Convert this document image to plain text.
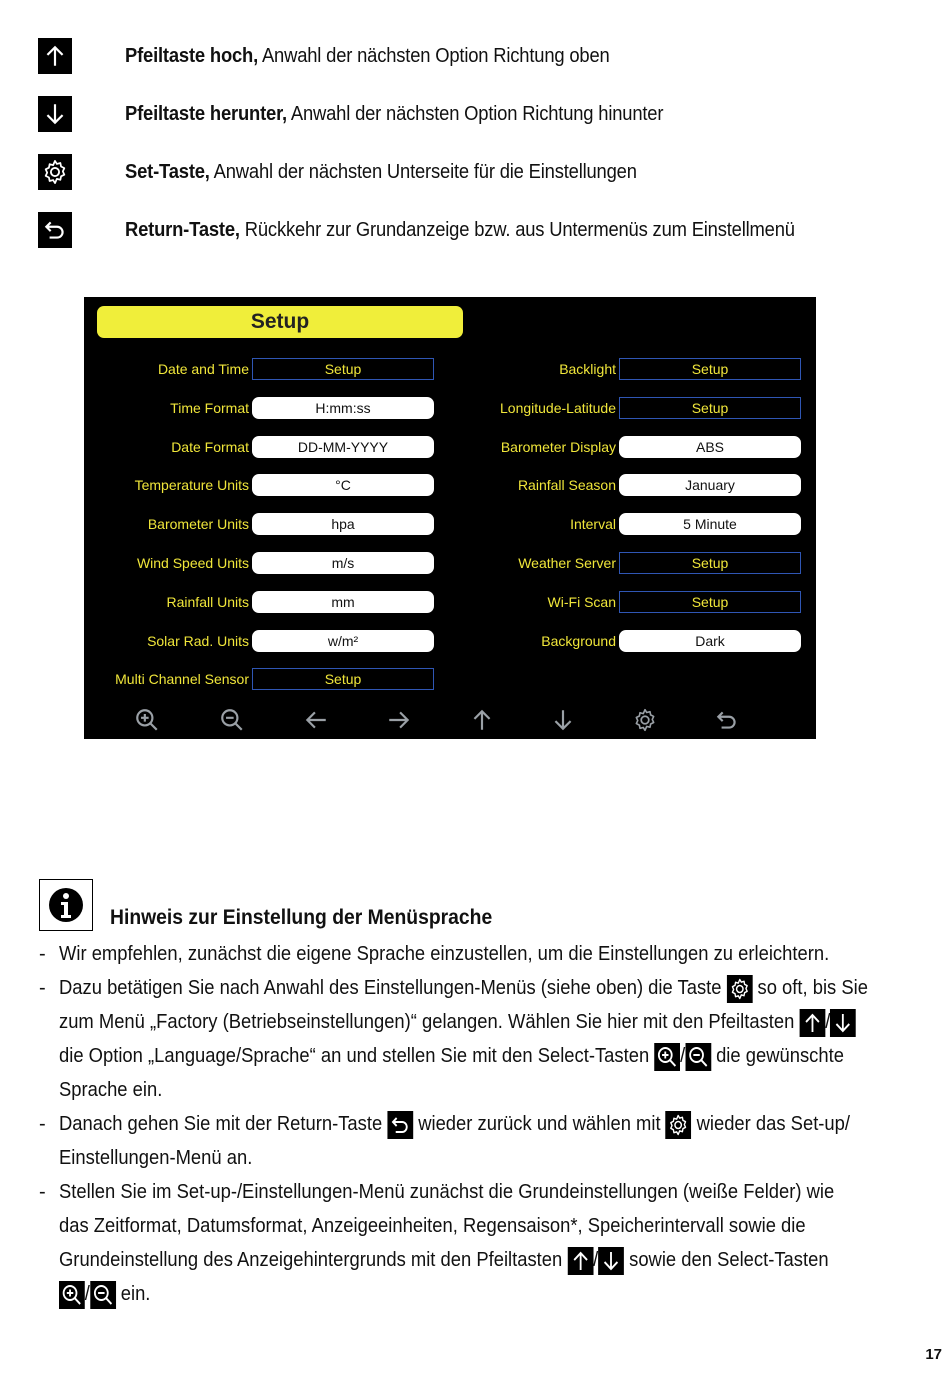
Pfeiltaste hoch, Anwahl der nächsten Option Richtung oben
Pfeiltaste herunter, Anwahl der nächsten Option Richtung hinunter
Set-Taste, Anwahl der nächsten Unterseite für die Einstellungen
Return-Taste, Rückkehr zur Grundanzeige bzw. aus Untermenüs zum Einstellmenü
Setup
Date and Time	Setup
Time Format	H:mm:ss
Date Format	DD-MM-YYYY
Temperature Units	°C
Barometer Units	hpa
Wind Speed Units	m/s
Rainfall Units	mm
Solar Rad. Units	w/m²
Multi Channel Sensor	Setup
Backlight	Setup
Longitude-Latitude	Setup
Barometer Display	ABS
Rainfall Season	January
Interval	5 Minute
Weather Server	Setup
Wi-Fi Scan	Setup
Background	Dark
Hinweis zur Einstellung der Menüsprache
- Wir empfehlen, zunächst die eigene Sprache einzustellen, um die Einstellungen zu erleichtern.
- Dazu betätigen Sie nach Anwahl des Einstellungen-Menüs (siehe oben) die Taste so oft, bis Sie
zum Menü „Factory (Betriebseinstellungen)“ gelangen. Wählen Sie hier mit den Pfeiltasten /
die Option „Language/Sprache“ an und stellen Sie mit den Select-Tasten / die gewünschte
Sprache ein.
- Danach gehen Sie mit der Return-Taste wieder zurück und wählen mit wieder das Set-up/
Einstellungen-Menü an.
- Stellen Sie im Set-up-/Einstellungen-Menü zunächst die Grundeinstellungen (weiße Felder) wie
das Zeitformat, Datumsformat, Anzeigeeinheiten, Regensaison*, Speicherintervall sowie die
Grundeinstellung des Anzeigehintergrunds mit den Pfeiltasten / sowie den Select-Tasten
/ ein.
17
